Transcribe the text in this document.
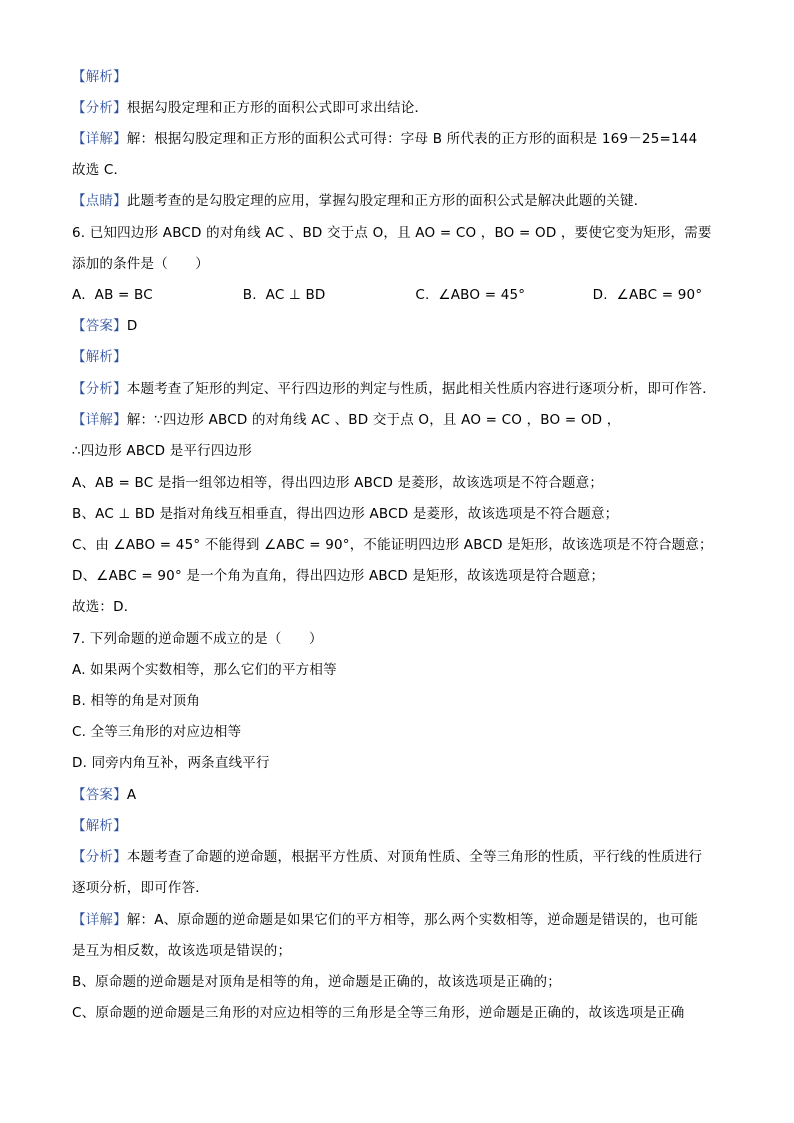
【解析】
【分析】根据勾股定理和正方形的面积公式即可求出结论．
【详解】解：根据勾股定理和正方形的面积公式可得：字母 B 所代表的正方形的面积是 169－25=144
故选 C．
【点睛】此题考查的是勾股定理的应用，掌握勾股定理和正方形的面积公式是解决此题的关键．
6. 已知四边形 ABCD 的对角线 AC 、BD 交于点 O，且 AO = CO ，BO = OD ，要使它变为矩形，需要
添加的条件是（　　）
A.  AB = BC                    B.  AC ⊥ BD                    C.  ∠ABO = 45°               D.  ∠ABC = 90°
【答案】D
【解析】
【分析】本题考查了矩形的判定、平行四边形的判定与性质，据此相关性质内容进行逐项分析，即可作答．
【详解】解：∵四边形 ABCD 的对角线 AC 、BD 交于点 O，且 AO = CO ，BO = OD ，
∴四边形 ABCD 是平行四边形
A、AB = BC 是指一组邻边相等，得出四边形 ABCD 是菱形，故该选项是不符合题意；
B、AC ⊥ BD 是指对角线互相垂直，得出四边形 ABCD 是菱形，故该选项是不符合题意；
C、由 ∠ABO = 45° 不能得到 ∠ABC = 90°，不能证明四边形 ABCD 是矩形，故该选项是不符合题意；
D、∠ABC = 90° 是一个角为直角，得出四边形 ABCD 是矩形，故该选项是符合题意；
故选：D．
7. 下列命题的逆命题不成立的是（　　）
A. 如果两个实数相等，那么它们的平方相等
B. 相等的角是对顶角
C. 全等三角形的对应边相等
D. 同旁内角互补，两条直线平行
【答案】A
【解析】
【分析】本题考查了命题的逆命题，根据平方性质、对顶角性质、全等三角形的性质，平行线的性质进行
逐项分析，即可作答．
【详解】解：A、原命题的逆命题是如果它们的平方相等，那么两个实数相等，逆命题是错误的，也可能
是互为相反数，故该选项是错误的；
B、原命题的逆命题是对顶角是相等的角，逆命题是正确的，故该选项是正确的；
C、原命题的逆命题是三角形的对应边相等的三角形是全等三角形，逆命题是正确的，故该选项是正确
